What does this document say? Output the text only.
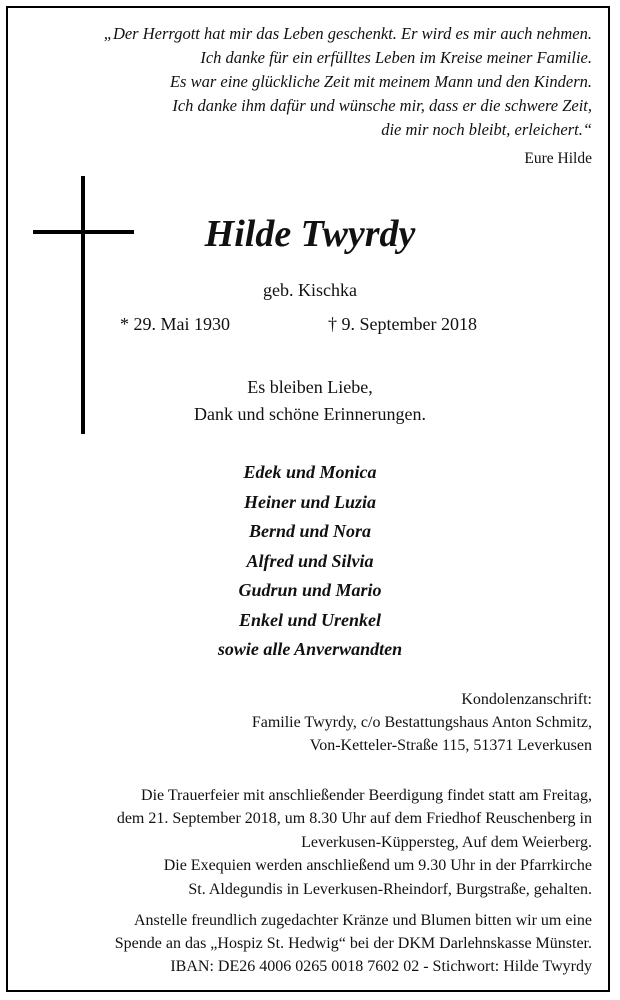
„Der Herrgott hat mir das Leben geschenkt. Er wird es mir auch nehmen.
Ich danke für ein erfülltes Leben im Kreise meiner Familie.
Es war eine glückliche Zeit mit meinem Mann und den Kindern.
Ich danke ihm dafür und wünsche mir, dass er die schwere Zeit,
die mir noch bleibt, erleichert.“
Eure Hilde
Hilde Twyrdy
geb. Kischka
* 29. Mai 1930	† 9. September 2018
Es bleiben Liebe,
Dank und schöne Erinnerungen.
Edek und Monica
Heiner und Luzia
Bernd und Nora
Alfred und Silvia
Gudrun und Mario
Enkel und Urenkel
sowie alle Anverwandten
Kondolenzanschrift:
Familie Twyrdy, c/o Bestattungshaus Anton Schmitz,
Von-Ketteler-Straße 115, 51371 Leverkusen
Die Trauerfeier mit anschließender Beerdigung findet statt am Freitag,
dem 21. September 2018, um 8.30 Uhr auf dem Friedhof Reuschenberg in
Leverkusen-Küppersteg, Auf dem Weierberg.
Die Exequien werden anschließend um 9.30 Uhr in der Pfarrkirche
St. Aldegundis in Leverkusen-Rheindorf, Burgstraße, gehalten.
Anstelle freundlich zugedachter Kränze und Blumen bitten wir um eine
Spende an das „Hospiz St. Hedwig“ bei der DKM Darlehnskasse Münster.
IBAN: DE26 4006 0265 0018 7602 02 - Stichwort: Hilde Twyrdy
